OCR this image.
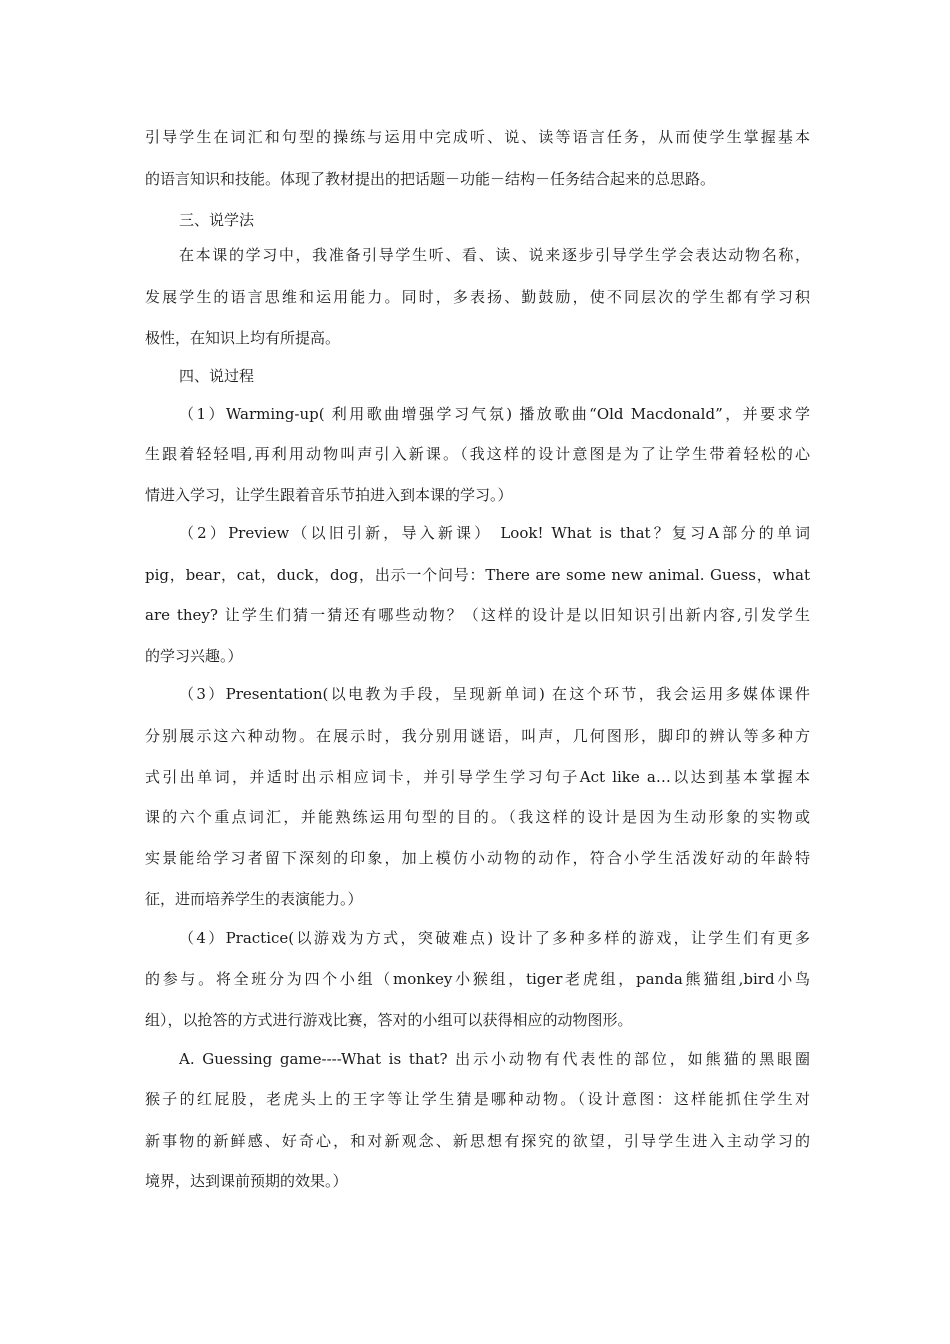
引导学生在词汇和句型的操练与运用中完成听、说、读等语言任务，从而使学生掌握基本
的语言知识和技能。体现了教材提出的把话题－功能－结构－任务结合起来的总思路。
三、说学法
在本课的学习中，我准备引导学生听、看、读、说来逐步引导学生学会表达动物名称，
发展学生的语言思维和运用能力。同时，多表扬、勤鼓励，使不同层次的学生都有学习积
极性，在知识上均有所提高。
四、说过程
（1）Warming-up( 利用歌曲增强学习气氛) 播放歌曲“Old Macdonald”，并要求学
生跟着轻轻唱,再利用动物叫声引入新课。（我这样的设计意图是为了让学生带着轻松的心
情进入学习，让学生跟着音乐节拍进入到本课的学习。）
（2）Preview（以旧引新，导入新课） Look! What is that？复习A部分的单词
pig，bear，cat，duck，dog，出示一个问号：There are some new animal. Guess，what
are they? 让学生们猜一猜还有哪些动物？（这样的设计是以旧知识引出新内容,引发学生
的学习兴趣。）
（3）Presentation(以电教为手段，呈现新单词) 在这个环节，我会运用多媒体课件
分别展示这六种动物。在展示时，我分别用谜语，叫声，几何图形，脚印的辨认等多种方
式引出单词，并适时出示相应词卡，并引导学生学习句子Act like a…以达到基本掌握本
课的六个重点词汇，并能熟练运用句型的目的。（我这样的设计是因为生动形象的实物或
实景能给学习者留下深刻的印象，加上模仿小动物的动作，符合小学生活泼好动的年龄特
征，进而培养学生的表演能力。）
（4）Practice(以游戏为方式，突破难点) 设计了多种多样的游戏，让学生们有更多
的参与。将全班分为四个小组（monkey小猴组，tiger老虎组，panda熊猫组,bird小鸟
组），以抢答的方式进行游戏比赛，答对的小组可以获得相应的动物图形。
A. Guessing game----What is that? 出示小动物有代表性的部位，如熊猫的黑眼圈
猴子的红屁股，老虎头上的王字等让学生猜是哪种动物。（设计意图：这样能抓住学生对
新事物的新鲜感、好奇心，和对新观念、新思想有探究的欲望，引导学生进入主动学习的
境界，达到课前预期的效果。）
